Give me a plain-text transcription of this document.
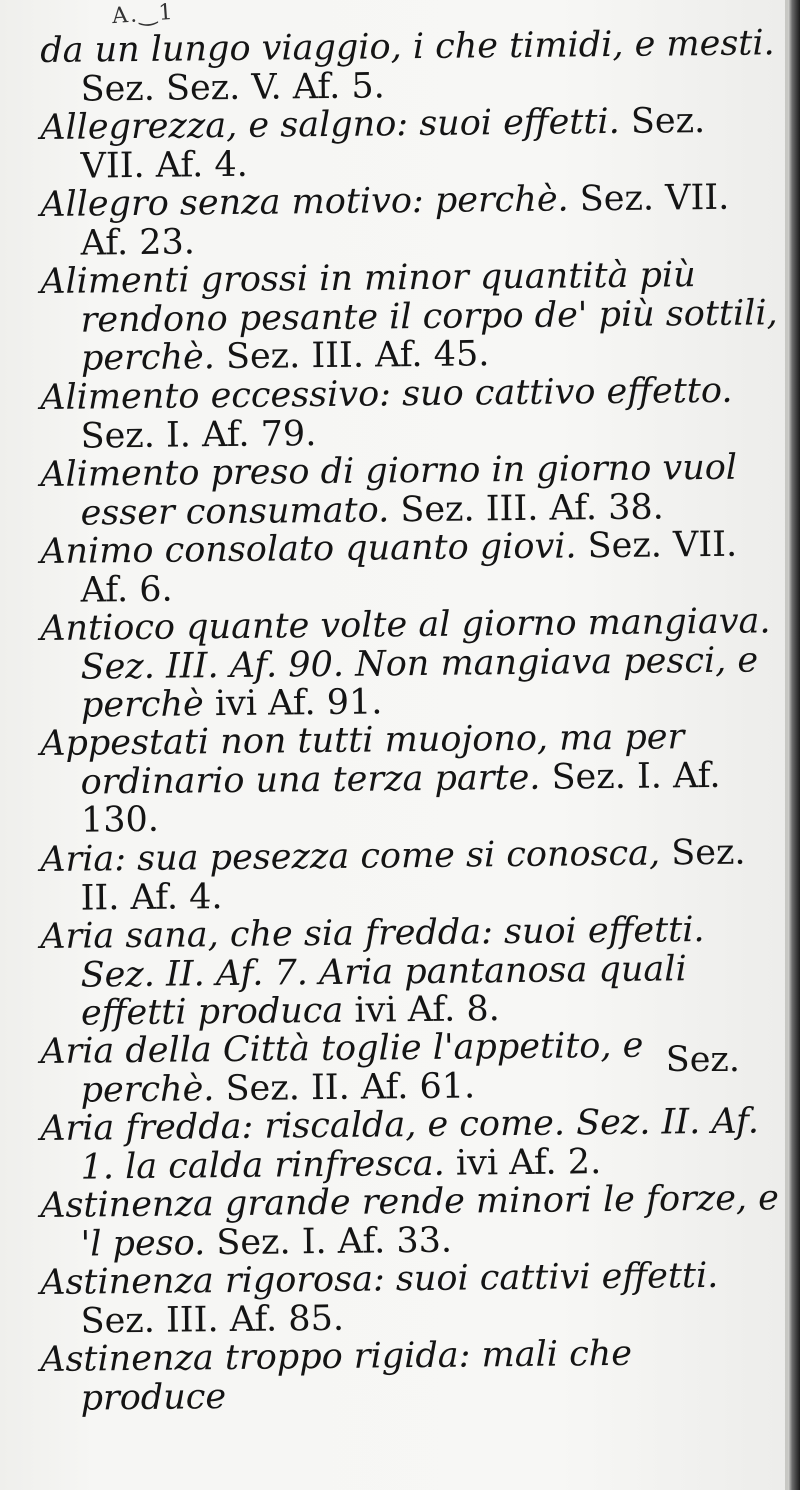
A.‿1

da un lungo viaggio, i che timidi, e mesti. Sez. Sez. V. Af. 5.

Allegrezza, e salgno: suoi effetti. Sez. VII. Af. 4.

Allegro senza motivo: perchè. Sez. VII. Af. 23.

Alimenti grossi in minor quantità più rendono pesante il corpo de' più sottili, perchè. Sez. III. Af. 45.

Alimento eccessivo: suo cattivo effetto. Sez. I. Af. 79.

Alimento preso di giorno in giorno vuol esser consumato. Sez. III. Af. 38.

Animo consolato quanto giovi. Sez. VII. Af. 6.

Antioco quante volte al giorno mangiava. Sez. III. Af. 90. Non mangiava pesci, e perchè ivi Af. 91.

Appestati non tutti muojono, ma per ordinario una terza parte. Sez. I. Af. 130.

Aria: sua pesezza come si conosca, Sez. II. Af. 4.

Aria sana, che sia fredda: suoi effetti. Sez. II. Af. 7. Aria pantanosa quali effetti produca ivi Af. 8.

Aria della Città toglie l'appetito, e perchè. Sez. II. Af. 61.

Aria fredda: riscalda, e come. Sez. II. Af. 1. la calda rinfresca. ivi Af. 2.

Astinenza grande rende minori le forze, e 'l peso. Sez. I. Af. 33.

Astinenza rigorosa: suoi cattivi effetti. Sez. III. Af. 85.

Astinenza troppo rigida: mali che produce

Sez.
